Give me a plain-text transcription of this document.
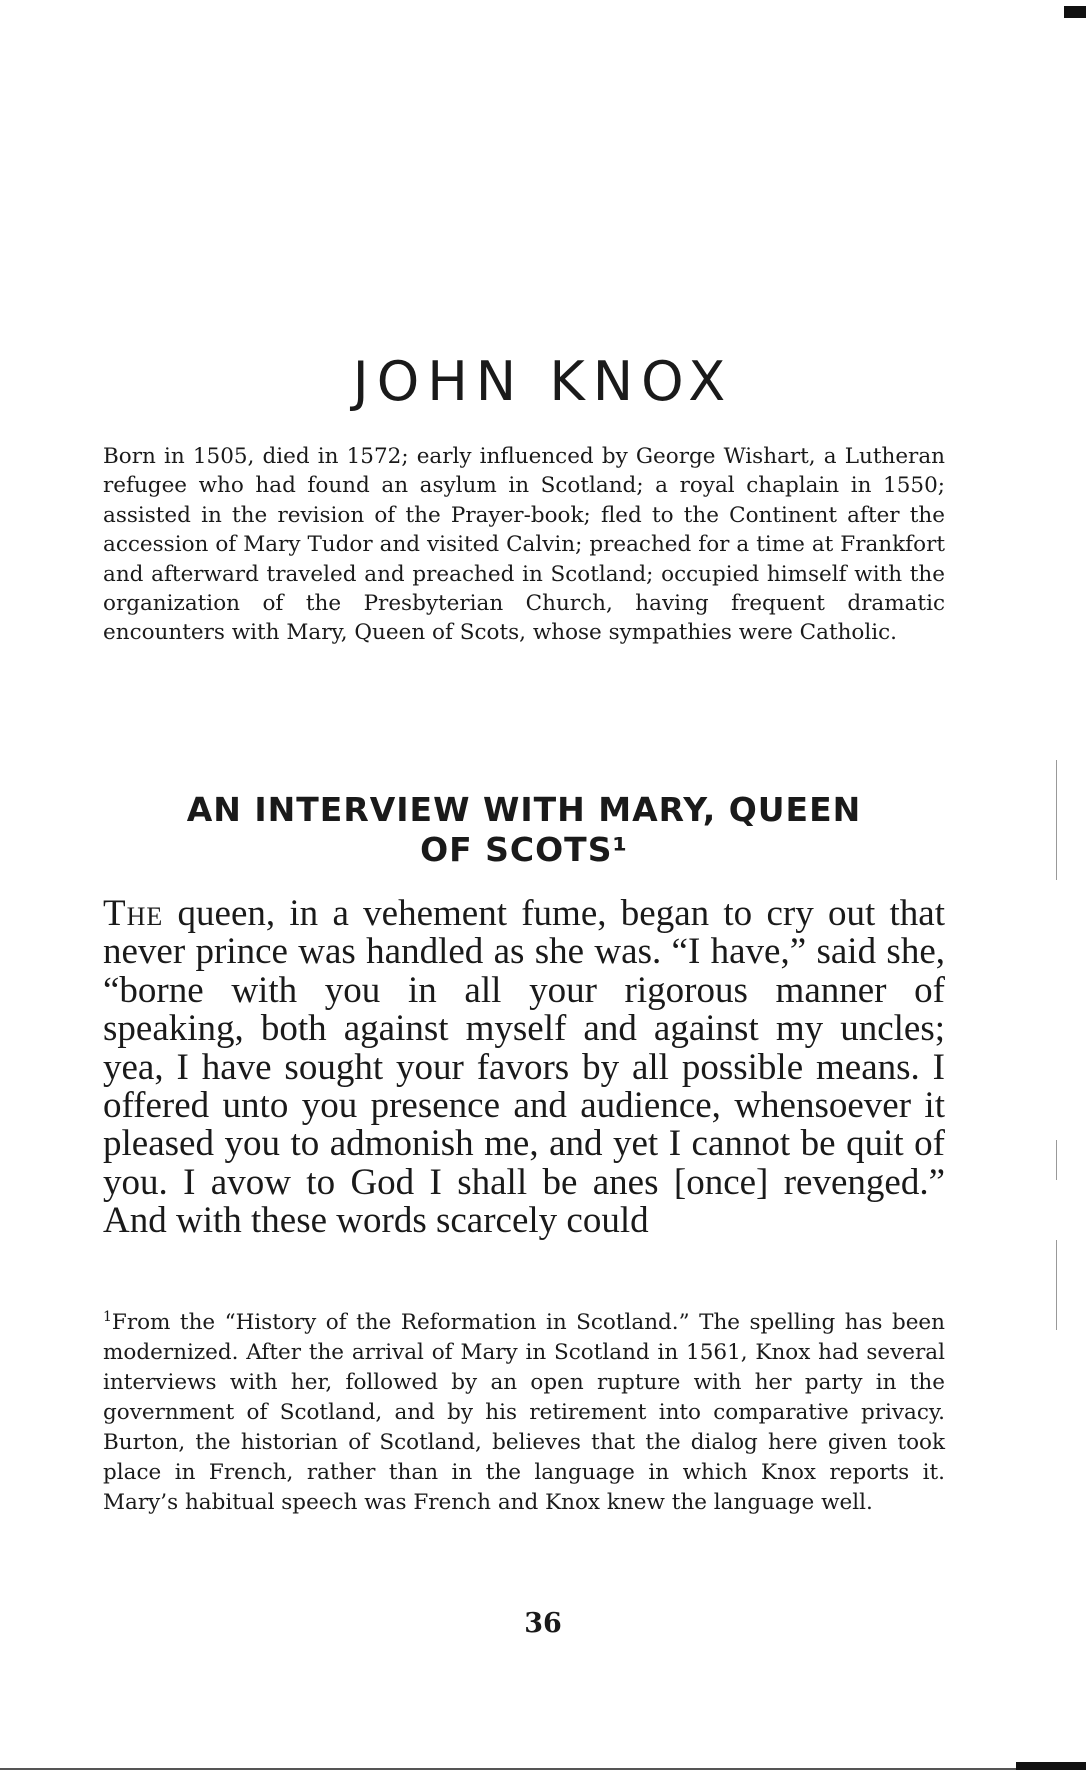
JOHN KNOX

Born in 1505, died in 1572; early influenced by George Wishart, a Lutheran refugee who had found an asylum in Scotland; a royal chaplain in 1550; assisted in the revision of the Prayer-book; fled to the Continent after the accession of Mary Tudor and visited Calvin; preached for a time at Frankfort and afterward traveled and preached in Scotland; occupied himself with the organization of the Presbyterian Church, having frequent dramatic encounters with Mary, Queen of Scots, whose sympathies were Catholic.

AN INTERVIEW WITH MARY, QUEEN
OF SCOTS¹

The queen, in a vehement fume, began to cry out that never prince was handled as she was. “I have,” said she, “borne with you in all your rigorous manner of speaking, both against myself and against my uncles; yea, I have sought your favors by all possible means. I offered unto you presence and audience, whensoever it pleased you to admonish me, and yet I cannot be quit of you. I avow to God I shall be anes [once] revenged.” And with these words scarcely could

$^1$From the “History of the Reformation in Scotland.” The spelling has been modernized. After the arrival of Mary in Scotland in 1561, Knox had several interviews with her, followed by an open rupture with her party in the government of Scotland, and by his retirement into comparative privacy. Burton, the historian of Scotland, believes that the dialog here given took place in French, rather than in the language in which Knox reports it. Mary’s habitual speech was French and Knox knew the language well.

36
